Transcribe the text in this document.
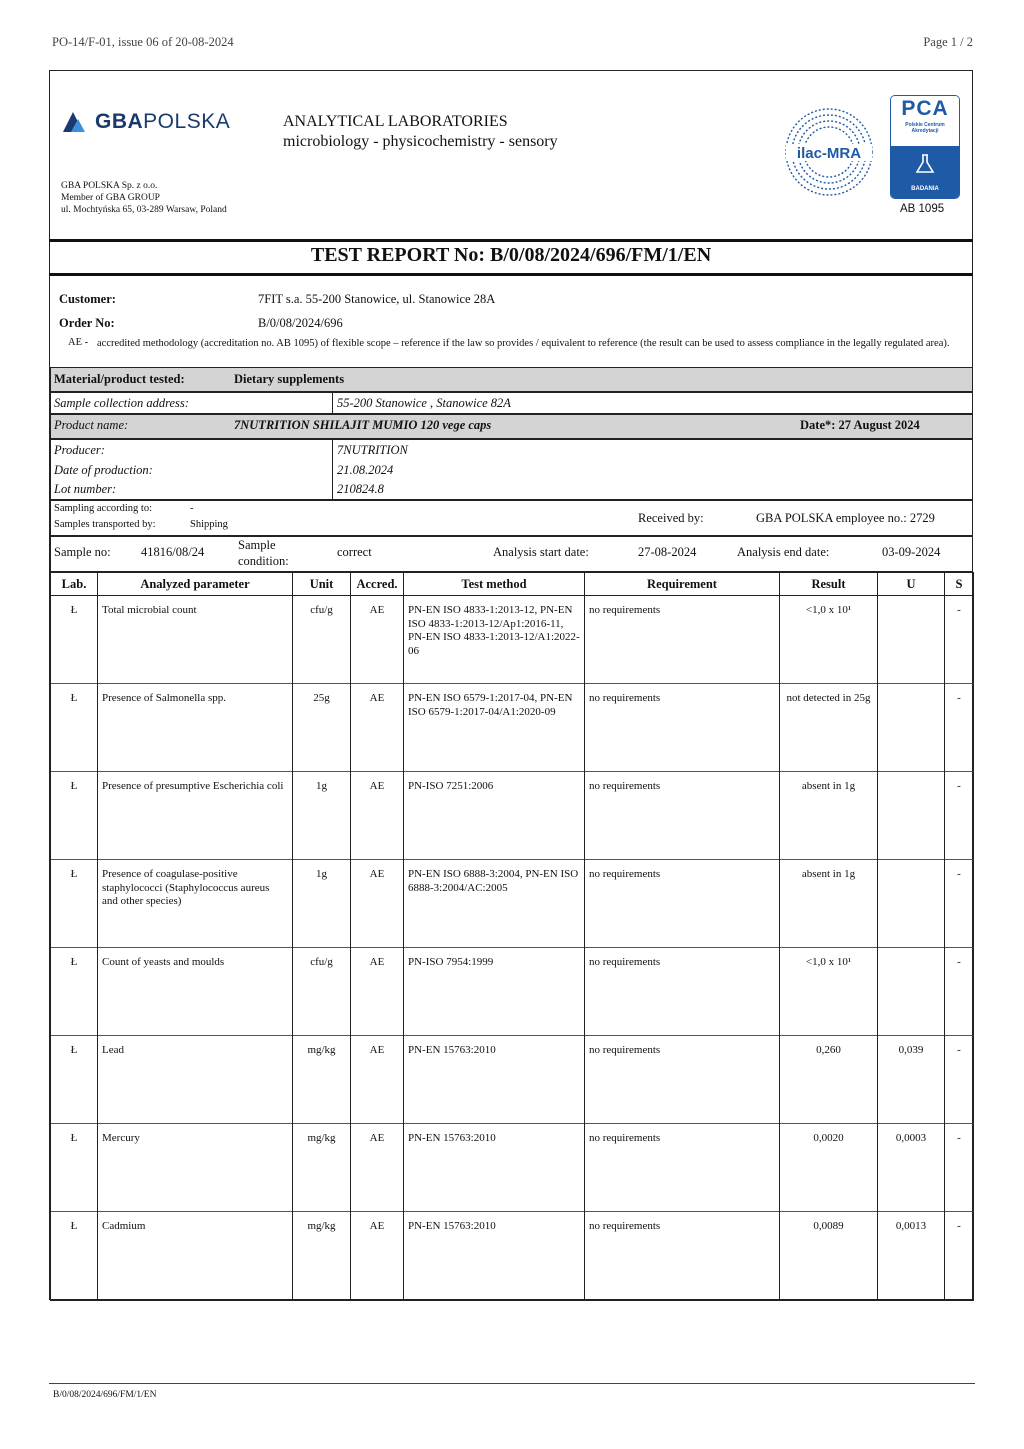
PO-14/F-01, issue 06 of 20-08-2024	Page 1 / 2
GBAPOLSKA
GBA POLSKA Sp. z o.o.
Member of GBA GROUP
ul. Mochtyńska 65, 03-289 Warsaw, Poland
ANALYTICAL LABORATORIES
microbiology - physicochemistry - sensory
ilac-MRA
PCA
Polskie Centrum
Akredytacji
BADANIA
AB 1095
TEST REPORT No: B/0/08/2024/696/FM/1/EN
Customer:	7FIT s.a. 55-200 Stanowice, ul. Stanowice 28A
Order No:	B/0/08/2024/696
AE - accredited methodology (accreditation no. AB 1095) of flexible scope – reference if the law so provides / equivalent to reference (the result can be used to assess compliance in the legally regulated area).
Material/product tested:	Dietary supplements
Sample collection address:	55-200 Stanowice , Stanowice 82A
Product name:	7NUTRITION SHILAJIT MUMIO 120 vege caps	Date*: 27 August 2024
Producer:	7NUTRITION
Date of production:	21.08.2024
Lot number:	210824.8
Sampling according to:	-
Samples transported by:	Shipping	Received by:	GBA POLSKA employee no.: 2729
Sample no: 41816/08/24	Sample
condition:
correct	Analysis start date:	27-08-2024	Analysis end date:	03-09-2024
Lab.	Analyzed parameter	Unit	Accred.	Test method	Requirement	Result	U	S
Ł	Total microbial count	cfu/g	AE	PN-EN ISO 4833-1:2013-12, PN-EN ISO 4833-1:2013-12/Ap1:2016-11, PN-EN ISO 4833-1:2013-12/A1:2022-06	no requirements	<1,0 x 10¹		-
Ł	Presence of Salmonella spp.	25g	AE	PN-EN ISO 6579-1:2017-04, PN-EN ISO 6579-1:2017-04/A1:2020-09	no requirements	not detected in 25g		-
Ł	Presence of presumptive Escherichia coli	1g	AE	PN-ISO 7251:2006	no requirements	absent in 1g		-
Ł	Presence of coagulase-positive staphylococci (Staphylococcus aureus and other species)	1g	AE	PN-EN ISO 6888-3:2004, PN-EN ISO 6888-3:2004/AC:2005	no requirements	absent in 1g		-
Ł	Count of yeasts and moulds	cfu/g	AE	PN-ISO 7954:1999	no requirements	<1,0 x 10¹		-
Ł	Lead	mg/kg	AE	PN-EN 15763:2010	no requirements	0,260	0,039	-
Ł	Mercury	mg/kg	AE	PN-EN 15763:2010	no requirements	0,0020	0,0003	-
Ł	Cadmium	mg/kg	AE	PN-EN 15763:2010	no requirements	0,0089	0,0013	-
B/0/08/2024/696/FM/1/EN
